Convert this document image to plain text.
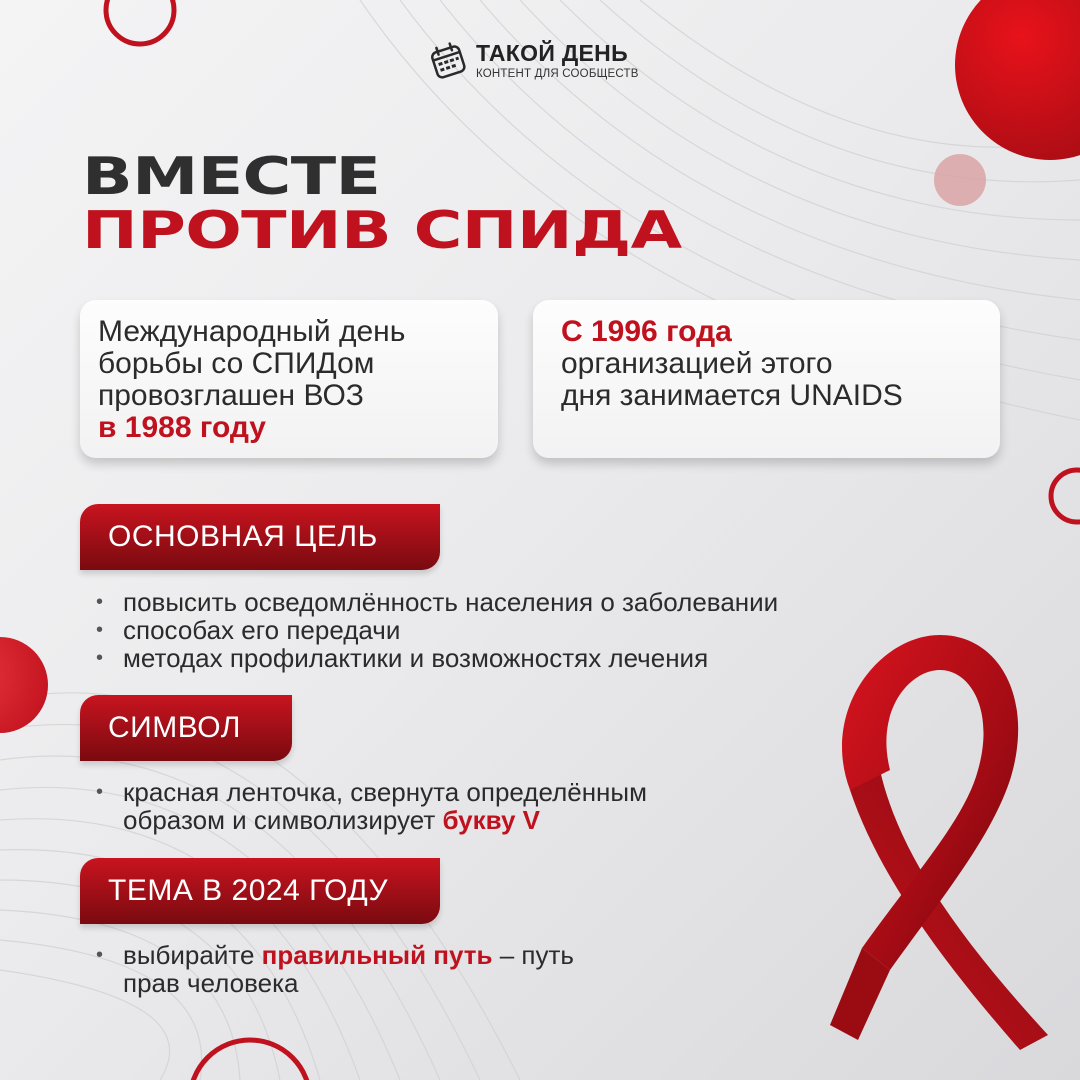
ТАКОЙ ДЕНЬ
КОНТЕНТ ДЛЯ СООБЩЕСТВ
ВМЕСТЕ
ПРОТИВ СПИДА
Международный день
борьбы со СПИДом
провозглашен ВОЗ
в 1988 году
С 1996 года
организацией этого
дня занимается UNAIDS
ОСНОВНАЯ ЦЕЛЬ
• повысить осведомлённость населения о заболевании
• способах его передачи
• методах профилактики и возможностях лечения
СИМВОЛ
• красная ленточка, свернута определённым
образом и символизирует букву V
ТЕМА В 2024 ГОДУ
• выбирайте правильный путь – путь
прав человека
